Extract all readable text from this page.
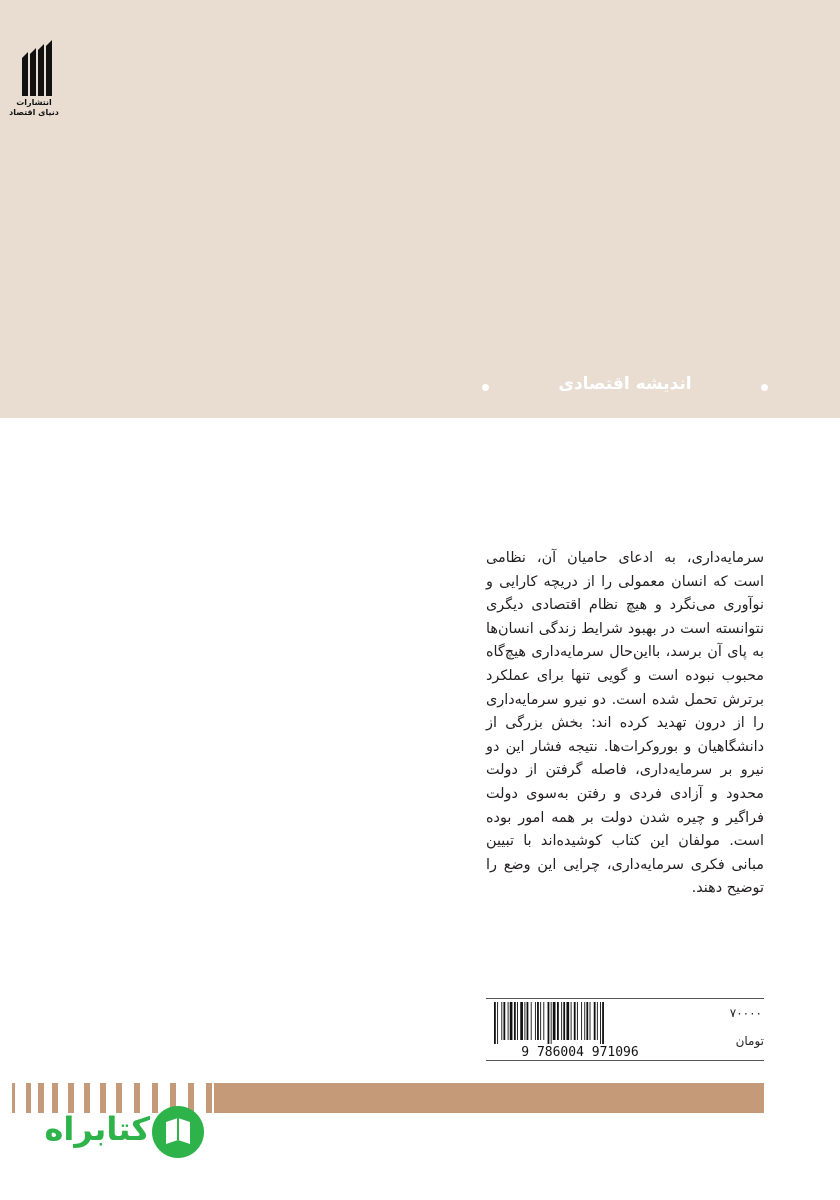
انتشارات
دنیای اقتصاد
اندیشه اقتصادی
سرمایه‌داری، به ادعای حامیان آن، نظامی است که انسان معمولی را از دریچه کارایی و نوآوری می‌نگرد و هیچ نظام اقتصادی دیگری نتوانسته است در بهبود شرایط زندگی انسان‌ها به پای آن برسد، بااین‌حال سرمایه‌داری هیچ‌گاه محبوب نبوده است و گویی تنها برای عملکرد برترش تحمل شده است. دو نیرو سرمایه‌داری را از درون تهدید کرده اند: بخش بزرگی از دانشگاهیان و بوروکرات‌ها. نتیجه فشار این دو نیرو بر سرمایه‌داری، فاصله گرفتن از دولت محدود و آزادی فردی و رفتن به‌سوی دولت فراگیر و چیره شدن دولت بر همه امور بوده است. مولفان این کتاب کوشیده‌اند با تبیین مبانی فکری سرمایه‌داری، چرایی این وضع را توضیح دهند.
9 786004 971096
۷۰۰۰۰
تومان
کتابراه
